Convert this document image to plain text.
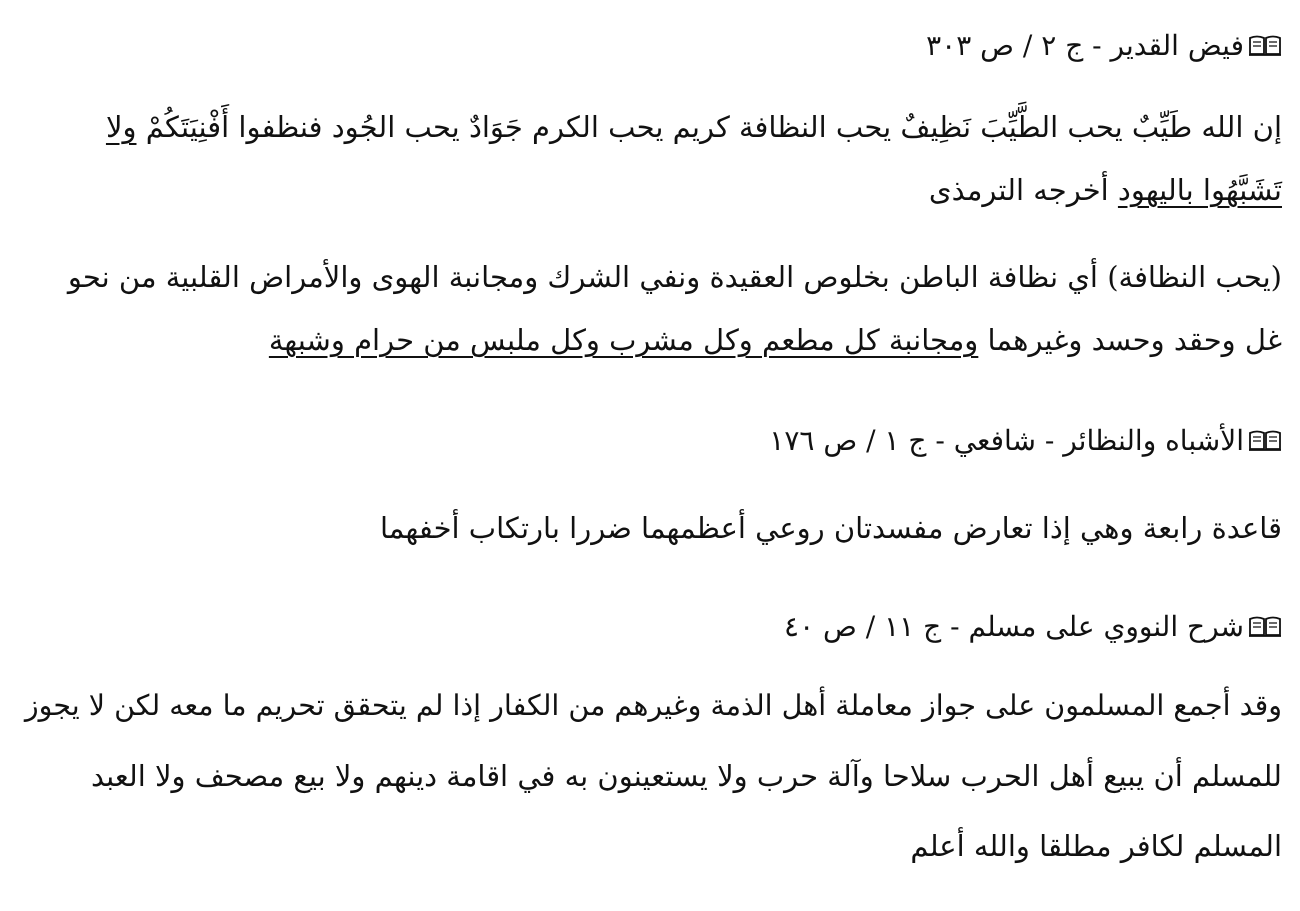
فيض القدير - ج ٢ / ص ٣٠٣
إن الله طَيِّبٌ يحب الطَّيِّبَ نَظِيفٌ يحب النظافة كريم يحب الكرم جَوَادٌ يحب الجُود فنظفوا أَفْنِيَتَكُمْ ولا
تَشَبَّهُوا باليهود أخرجه الترمذى
(يحب النظافة) أي نظافة الباطن بخلوص العقيدة ونفي الشرك ومجانبة الهوى والأمراض القلبية من نحو
غل وحقد وحسد وغيرهما ومجانبة كل مطعم وكل مشرب وكل ملبس من حرام وشبهة
الأشباه والنظائر - شافعي - ج ١ / ص ١٧٦
قاعدة رابعة وهي إذا تعارض مفسدتان روعي أعظمهما ضررا بارتكاب أخفهما
شرح النووي على مسلم - ج ١١ / ص ٤٠
وقد أجمع المسلمون على جواز معاملة أهل الذمة وغيرهم من الكفار إذا لم يتحقق تحريم ما معه لكن لا يجوز
للمسلم أن يبيع أهل الحرب سلاحا وآلة حرب ولا يستعينون به في اقامة دينهم ولا بيع مصحف ولا العبد
المسلم لكافر مطلقا والله أعلم
